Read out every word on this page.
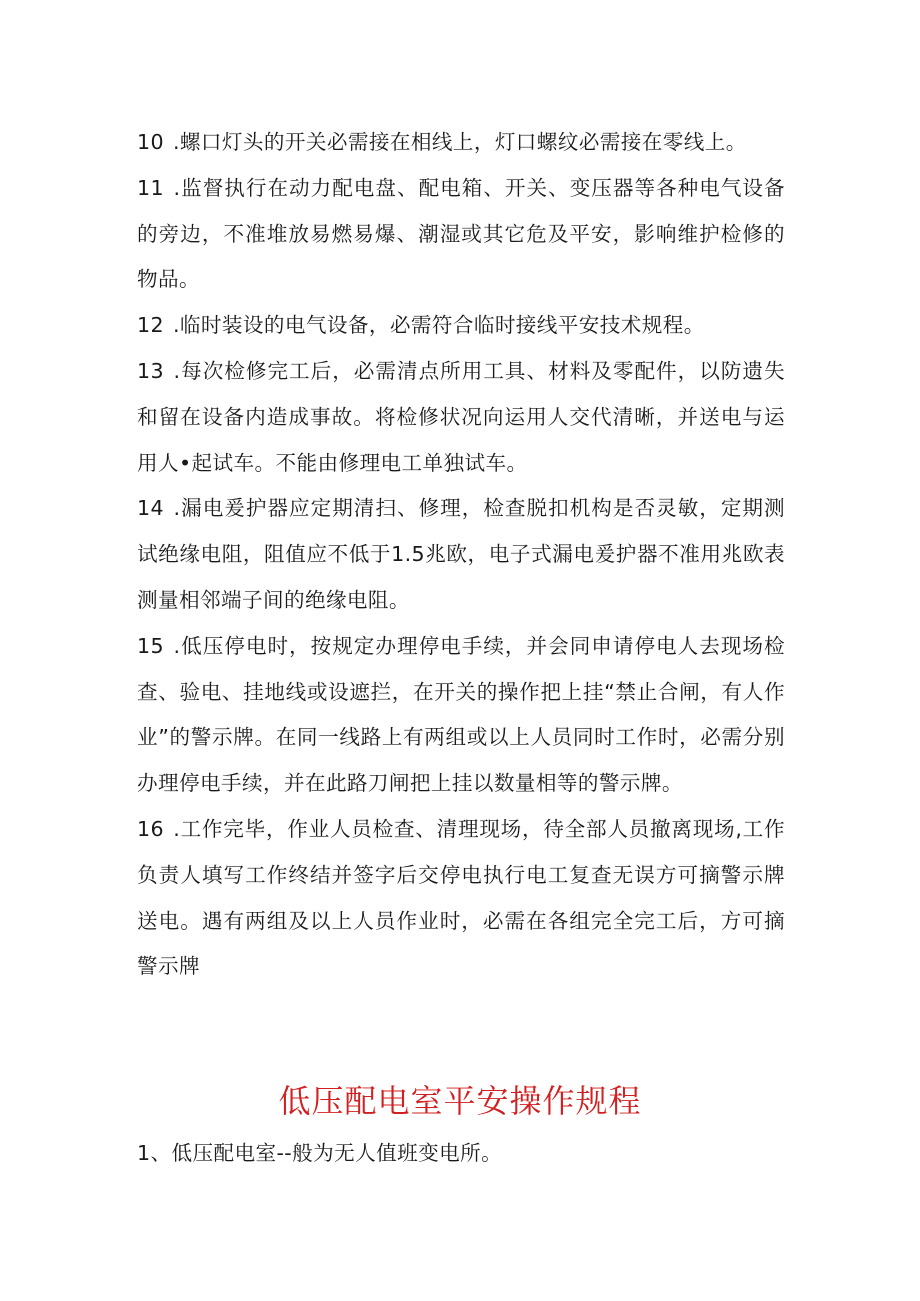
10 .螺口灯头的开关必需接在相线上，灯口螺纹必需接在零线上。

11 .监督执行在动力配电盘、配电箱、开关、变压器等各种电气设备的旁边，不准堆放易燃易爆、潮湿或其它危及平安，影响维护检修的物品。

12 .临时装设的电气设备，必需符合临时接线平安技术规程。

13 .每次检修完工后，必需清点所用工具、材料及零配件，以防遗失和留在设备内造成事故。将检修状况向运用人交代清晰，并送电与运用人•起试车。不能由修理电工单独试车。

14 .漏电爰护器应定期清扫、修理，检查脱扣机构是否灵敏，定期测试绝缘电阻，阻值应不低于1.5兆欧，电子式漏电爰护器不准用兆欧表测量相邻端子间的绝缘电阻。

15 .低压停电时，按规定办理停电手续，并会同申请停电人去现场检查、验电、挂地线或设遮拦，在开关的操作把上挂“禁止合闸，有人作业”的警示牌。在同一线路上有两组或以上人员同时工作时，必需分别办理停电手续，并在此路刀闸把上挂以数量相等的警示牌。

16 .工作完毕，作业人员检查、清理现场，待全部人员撤离现场,工作负责人填写工作终结并签字后交停电执行电工复查无误方可摘警示牌送电。遇有两组及以上人员作业时，必需在各组完全完工后，方可摘警示牌

低压配电室平安操作规程
1、低压配电室--般为无人值班变电所。
